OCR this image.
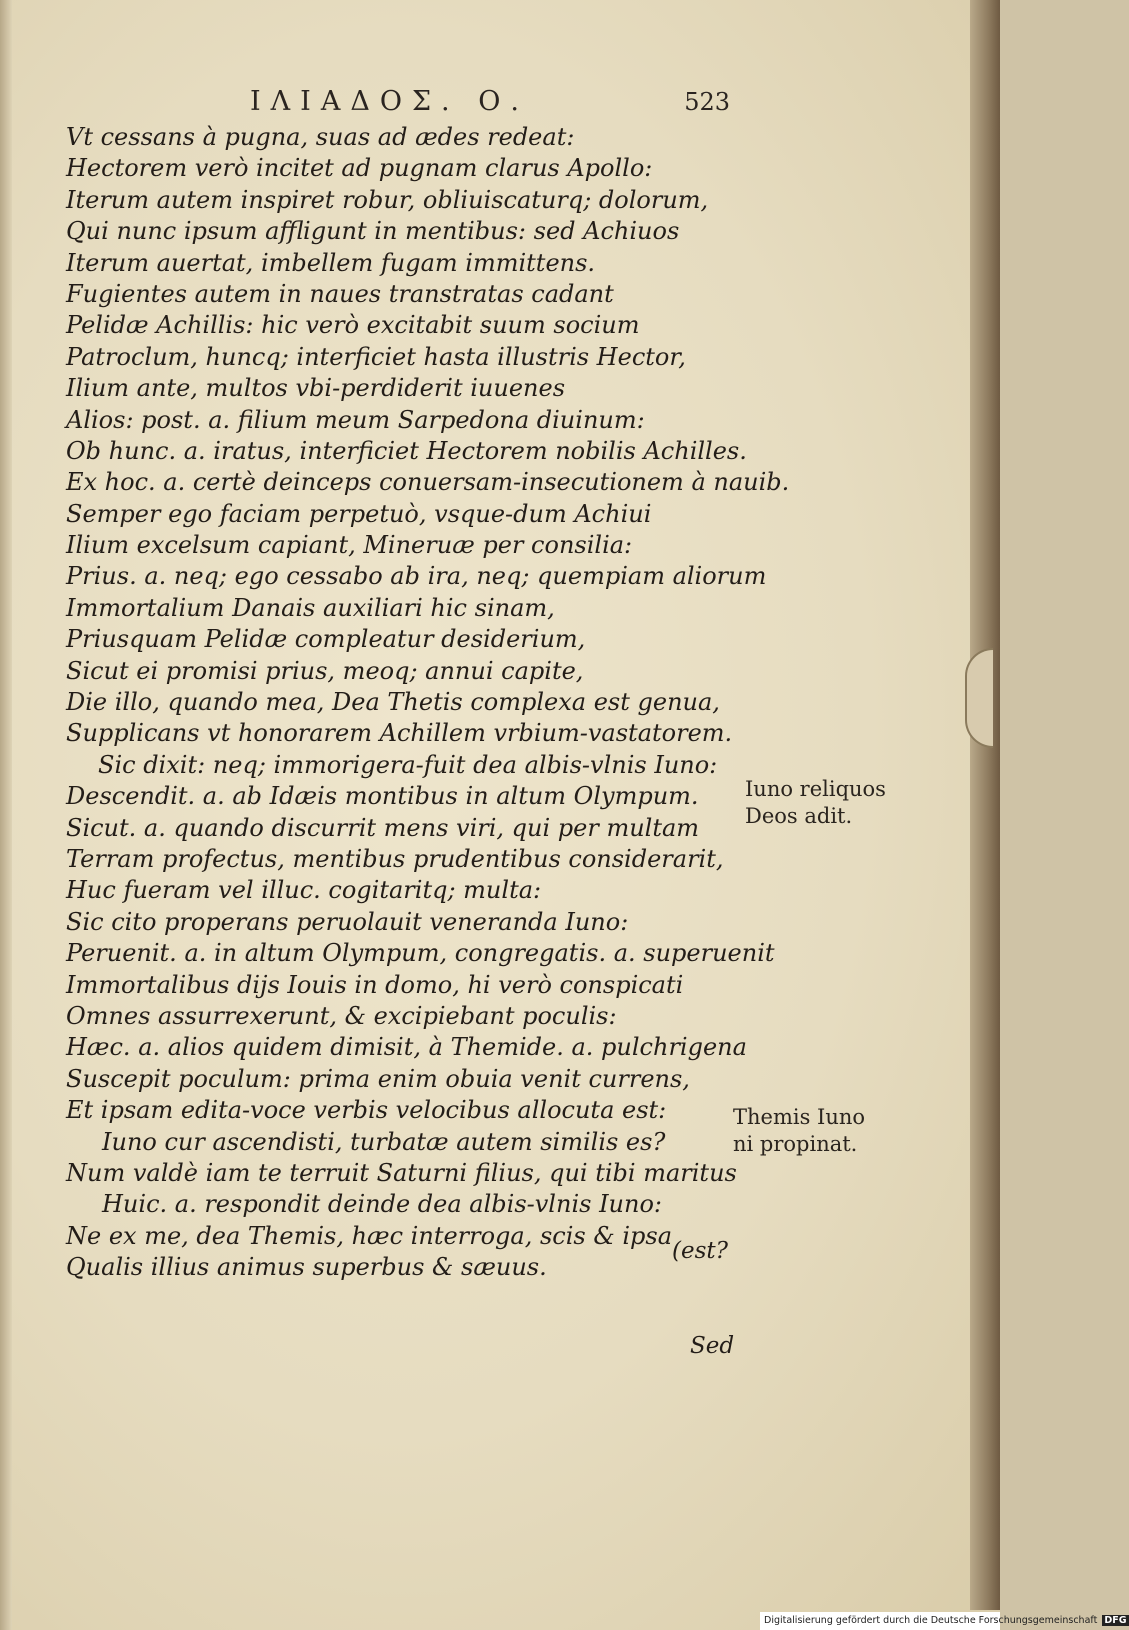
ΙΛΙΑΔΟΣ. Ο.	523
Vt cessans à pugna, suas ad ædes redeat:
Hectorem verò incitet ad pugnam clarus Apollo:
Iterum autem inspiret robur, obliuiscaturq; dolorum,
Qui nunc ipsum affligunt in mentibus: sed Achiuos
Iterum auertat, imbellem fugam immittens.
Fugientes autem in naues transtratas cadant
Pelidæ Achillis: hic verò excitabit suum socium
Patroclum, huncq; interficiet hasta illustris Hector,
Ilium ante, multos vbi-perdiderit iuuenes
Alios: post. a. filium meum Sarpedona diuinum:
Ob hunc. a. iratus, interficiet Hectorem nobilis Achilles.
Ex hoc. a. certè deinceps conuersam-insecutionem à nauib.
Semper ego faciam perpetuò, vsque-dum Achiui
Ilium excelsum capiant, Mineruæ per consilia:
Prius. a. neq; ego cessabo ab ira, neq; quempiam aliorum
Immortalium Danais auxiliari hic sinam,
Priusquam Pelidæ compleatur desiderium,
Sicut ei promisi prius, meoq; annui capite,
Die illo, quando mea, Dea Thetis complexa est genua,
Supplicans vt honorarem Achillem vrbium-vastatorem.
Sic dixit: neq; immorigera-fuit dea albis-vlnis Iuno:
Descendit. a. ab Idæis montibus in altum Olympum.
Sicut. a. quando discurrit mens viri, qui per multam
Terram profectus, mentibus prudentibus considerarit,
Huc fueram vel illuc. cogitaritq; multa:
Sic cito properans peruolauit veneranda Iuno:
Peruenit. a. in altum Olympum, congregatis. a. superuenit
Immortalibus dijs Iouis in domo, hi verò conspicati
Omnes assurrexerunt, & excipiebant poculis:
Hæc. a. alios quidem dimisit, à Themide. a. pulchrigena
Suscepit poculum: prima enim obuia venit currens,
Et ipsam edita-voce verbis velocibus allocuta est:
Iuno cur ascendisti, turbatæ autem similis es?
Num valdè iam te terruit Saturni filius, qui tibi maritus
Huic. a. respondit deinde dea albis-vlnis Iuno:
Ne ex me, dea Themis, hæc interroga, scis & ipsa
Qualis illius animus superbus & sæuus.
(est?
Sed
Iuno reliquos
Deos adit.
Themis Iuno
ni propinat.
Digitalisierung gefördert durch die Deutsche Forschungsgemeinschaft DFG
